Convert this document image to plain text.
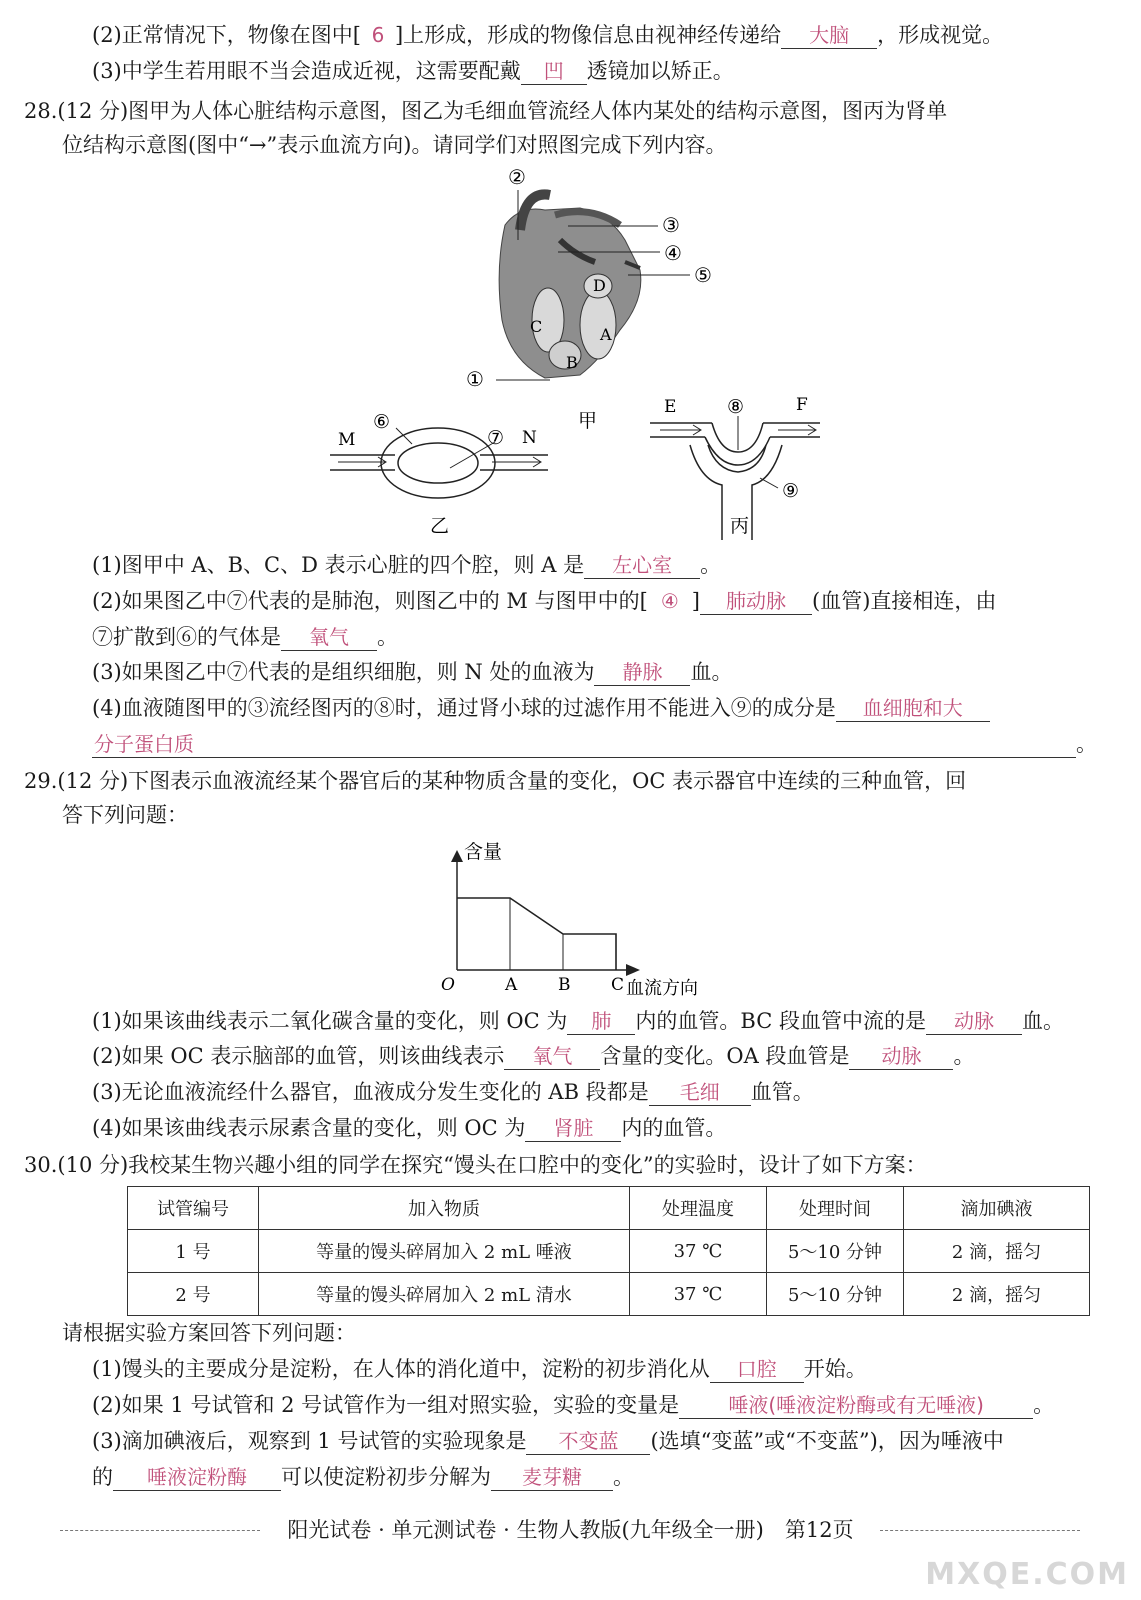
(2)正常情况下，物像在图中[ 6 ]上形成，形成的物像信息由视神经传递给 大脑 ，形成视觉。
(3)中学生若用眼不当会造成近视，这需要配戴 凹 透镜加以矫正。
28.(12 分)图甲为人体心脏结构示意图，图乙为毛细血管流经人体内某处的结构示意图，图丙为肾单
位结构示意图(图中“→”表示血流方向)。请同学们对照图完成下列内容。
A
B
C
D
②
③
④
⑤
①
甲
M	N
⑥
⑦
乙
E	F
⑧
⑨
丙
(1)图甲中 A、B、C、D 表示心脏的四个腔，则 A 是 左心室 。
(2)如果图乙中⑦代表的是肺泡，则图乙中的 M 与图甲中的[ ④ ] 肺动脉 (血管)直接相连，由
⑦扩散到⑥的气体是 氧气 。
(3)如果图乙中⑦代表的是组织细胞，则 N 处的血液为 静脉 血。
(4)血液随图甲的③流经图丙的⑧时，通过肾小球的过滤作用不能进入⑨的成分是 血细胞和大
分子蛋白质	。
29.(12 分)下图表示血液流经某个器官后的某种物质含量的变化，OC 表示器官中连续的三种血管，回
答下列问题：
含量
血流方向
O	A B C
(1)如果该曲线表示二氧化碳含量的变化，则 OC 为 肺 内的血管。BC 段血管中流的是 动脉 血。
(2)如果 OC 表示脑部的血管，则该曲线表示 氧气 含量的变化。OA 段血管是 动脉 。
(3)无论血液流经什么器官，血液成分发生变化的 AB 段都是 毛细 血管。
(4)如果该曲线表示尿素含量的变化，则 OC 为 肾脏 内的血管。
30.(10 分)我校某生物兴趣小组的同学在探究“馒头在口腔中的变化”的实验时，设计了如下方案：
试管编号	加入物质	处理温度	处理时间	滴加碘液
1 号	等量的馒头碎屑加入 2 mL 唾液	37 ℃	5～10 分钟	2 滴，摇匀
2 号	等量的馒头碎屑加入 2 mL 清水	37 ℃	5～10 分钟	2 滴，摇匀
请根据实验方案回答下列问题：
(1)馒头的主要成分是淀粉，在人体的消化道中，淀粉的初步消化从 口腔 开始。
(2)如果 1 号试管和 2 号试管作为一组对照实验，实验的变量是 唾液(唾液淀粉酶或有无唾液) 。
(3)滴加碘液后，观察到 1 号试管的实验现象是 不变蓝 (选填“变蓝”或“不变蓝”)，因为唾液中
的 唾液淀粉酶 可以使淀粉初步分解为 麦芽糖 。
阳光试卷 · 单元测试卷 · 生物人教版(九年级全一册)　第12页
MXQE.COM
